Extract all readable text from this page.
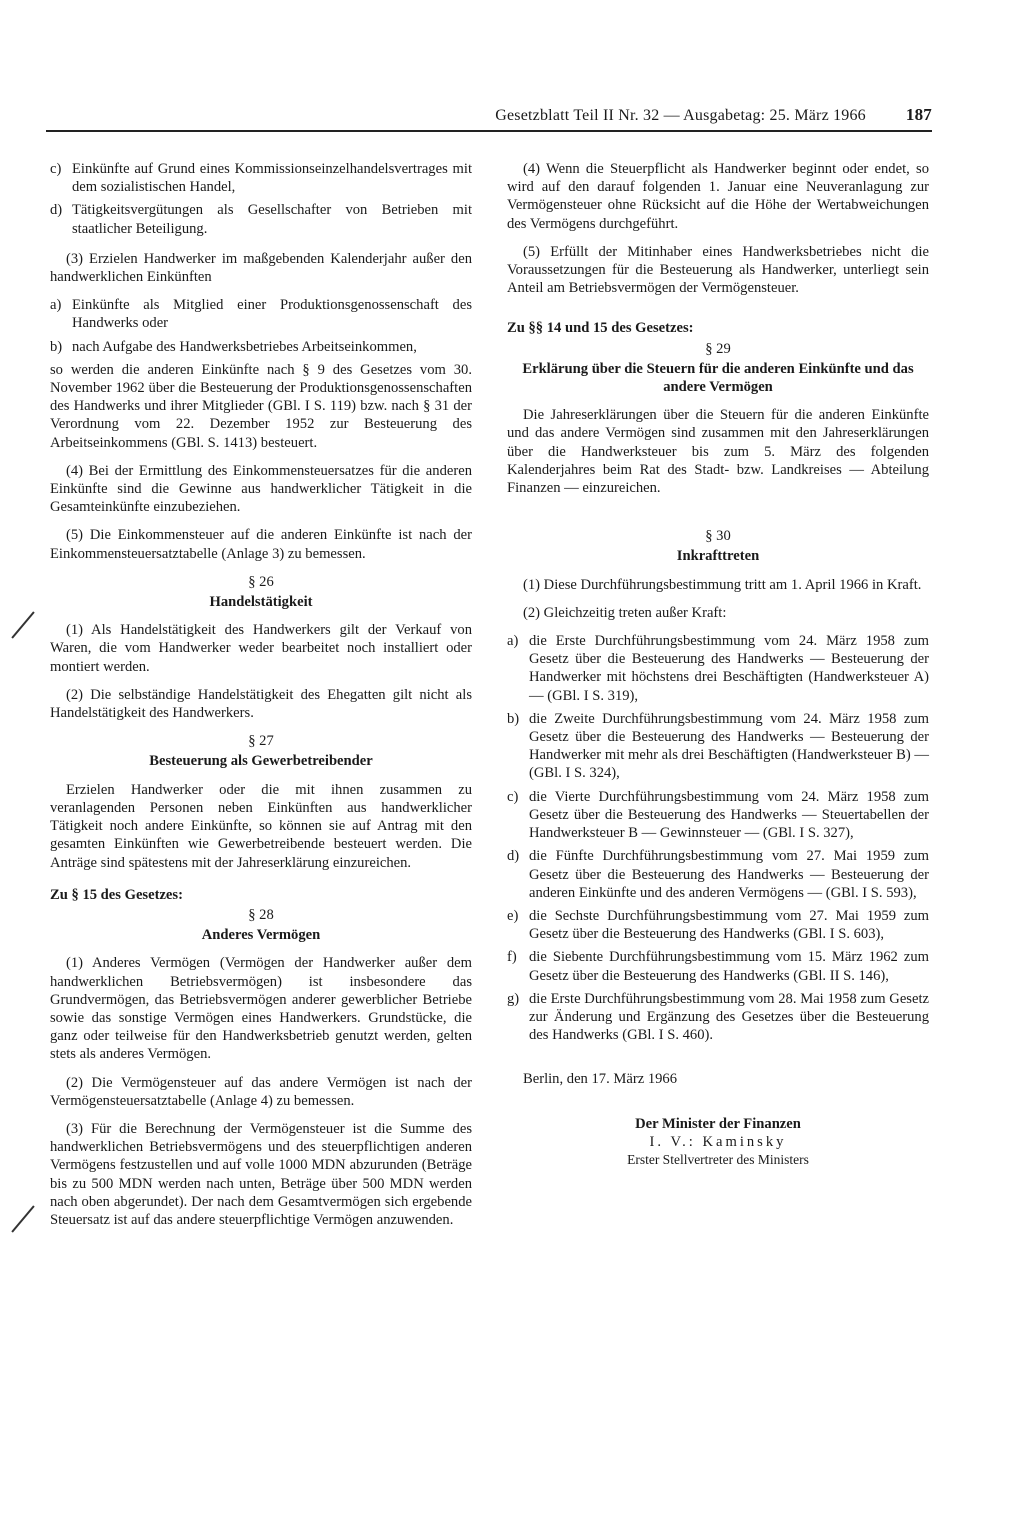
Gesetzblatt Teil II Nr. 32 — Ausgabetag: 25. März 1966 187
c) Einkünfte auf Grund eines Kommissionseinzelhandelsvertrages mit dem sozialistischen Handel,
d) Tätigkeitsvergütungen als Gesellschafter von Betrieben mit staatlicher Beteiligung.

(3) Erzielen Handwerker im maßgebenden Kalenderjahr außer den handwerklichen Einkünften

a) Einkünfte als Mitglied einer Produktionsgenossenschaft des Handwerks oder
b) nach Aufgabe des Handwerksbetriebes Arbeitseinkommen,

so werden die anderen Einkünfte nach § 9 des Gesetzes vom 30. November 1962 über die Besteuerung der Produktionsgenossenschaften des Handwerks und ihrer Mitglieder (GBl. I S. 119) bzw. nach § 31 der Verordnung vom 22. Dezember 1952 zur Besteuerung des Arbeitseinkommens (GBl. S. 1413) besteuert.

(4) Bei der Ermittlung des Einkommensteuersatzes für die anderen Einkünfte sind die Gewinne aus handwerklicher Tätigkeit in die Gesamteinkünfte einzubeziehen.

(5) Die Einkommensteuer auf die anderen Einkünfte ist nach der Einkommensteuersatztabelle (Anlage 3) zu bemessen.

§ 26

Handelstätigkeit

(1) Als Handelstätigkeit des Handwerkers gilt der Verkauf von Waren, die vom Handwerker weder bearbeitet noch installiert oder montiert werden.

(2) Die selbständige Handelstätigkeit des Ehegatten gilt nicht als Handelstätigkeit des Handwerkers.

§ 27

Besteuerung als Gewerbetreibender

Erzielen Handwerker oder die mit ihnen zusammen zu veranlagenden Personen neben Einkünften aus handwerklicher Tätigkeit noch andere Einkünfte, so können sie auf Antrag mit den gesamten Einkünften wie Gewerbetreibende besteuert werden. Die Anträge sind spätestens mit der Jahreserklärung einzureichen.

Zu § 15 des Gesetzes:

§ 28

Anderes Vermögen

(1) Anderes Vermögen (Vermögen der Handwerker außer dem handwerklichen Betriebsvermögen) ist insbesondere das Grundvermögen, das Betriebsvermögen anderer gewerblicher Betriebe sowie das sonstige Vermögen eines Handwerkers. Grundstücke, die ganz oder teilweise für den Handwerksbetrieb genutzt werden, gelten stets als anderes Vermögen.

(2) Die Vermögensteuer auf das andere Vermögen ist nach der Vermögensteuersatztabelle (Anlage 4) zu bemessen.

(3) Für die Berechnung der Vermögensteuer ist die Summe des handwerklichen Betriebsvermögens und des steuerpflichtigen anderen Vermögens festzustellen und auf volle 1000 MDN abzurunden (Beträge bis zu 500 MDN werden nach unten, Beträge über 500 MDN werden nach oben abgerundet). Der nach dem Gesamtvermögen sich ergebende Steuersatz ist auf das andere steuerpflichtige Vermögen anzuwenden.

(4) Wenn die Steuerpflicht als Handwerker beginnt oder endet, so wird auf den darauf folgenden 1. Januar eine Neuveranlagung zur Vermögensteuer ohne Rücksicht auf die Höhe der Wertabweichungen des Vermögens durchgeführt.

(5) Erfüllt der Mitinhaber eines Handwerksbetriebes nicht die Voraussetzungen für die Besteuerung als Handwerker, unterliegt sein Anteil am Betriebsvermögen der Vermögensteuer.

Zu §§ 14 und 15 des Gesetzes:

§ 29

Erklärung über die Steuern für die anderen Einkünfte und das andere Vermögen

Die Jahreserklärungen über die Steuern für die anderen Einkünfte und das andere Vermögen sind zusammen mit den Jahreserklärungen über die Handwerksteuer bis zum 5. März des folgenden Kalenderjahres beim Rat des Stadt- bzw. Landkreises — Abteilung Finanzen — einzureichen.

§ 30

Inkrafttreten

(1) Diese Durchführungsbestimmung tritt am 1. April 1966 in Kraft.

(2) Gleichzeitig treten außer Kraft:

a) die Erste Durchführungsbestimmung vom 24. März 1958 zum Gesetz über die Besteuerung des Handwerks — Besteuerung der Handwerker mit höchstens drei Beschäftigten (Handwerksteuer A) — (GBl. I S. 319),
b) die Zweite Durchführungsbestimmung vom 24. März 1958 zum Gesetz über die Besteuerung des Handwerks — Besteuerung der Handwerker mit mehr als drei Beschäftigten (Handwerksteuer B) — (GBl. I S. 324),
c) die Vierte Durchführungsbestimmung vom 24. März 1958 zum Gesetz über die Besteuerung des Handwerks — Steuertabellen der Handwerksteuer B — Gewinnsteuer — (GBl. I S. 327),
d) die Fünfte Durchführungsbestimmung vom 27. Mai 1959 zum Gesetz über die Besteuerung des Handwerks — Besteuerung der anderen Einkünfte und des anderen Vermögens — (GBl. I S. 593),
e) die Sechste Durchführungsbestimmung vom 27. Mai 1959 zum Gesetz über die Besteuerung des Handwerks (GBl. I S. 603),
f) die Siebente Durchführungsbestimmung vom 15. März 1962 zum Gesetz über die Besteuerung des Handwerks (GBl. II S. 146),
g) die Erste Durchführungsbestimmung vom 28. Mai 1958 zum Gesetz zur Änderung und Ergänzung des Gesetzes über die Besteuerung des Handwerks (GBl. I S. 460).

Berlin, den 17. März 1966

Der Minister der Finanzen

I. V.: Kaminsky

Erster Stellvertreter des Ministers
